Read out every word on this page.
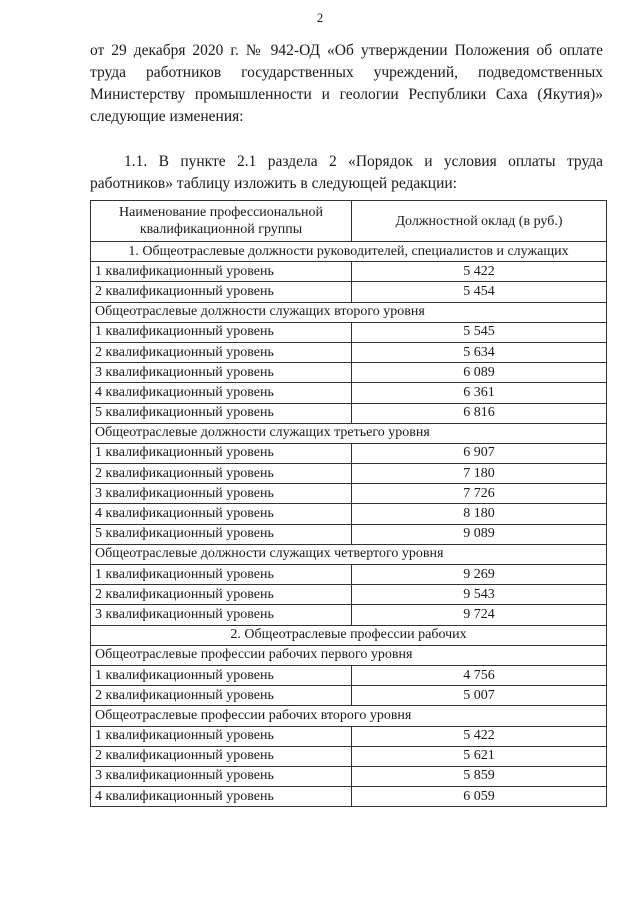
2
от 29 декабря 2020 г. № 942-ОД «Об утверждении Положения об оплате труда работников государственных учреждений, подведомственных Министерству промышленности и геологии Республики Саха (Якутия)» следующие изменения:
1.1. В пункте 2.1 раздела 2 «Порядок и условия оплаты труда работников» таблицу изложить в следующей редакции:
Наименование профессиональной квалификационной группы	Должностной оклад (в руб.)
1. Общеотраслевые должности руководителей, специалистов и служащих	
1 квалификационный уровень	5 422
2 квалификационный уровень	5 454
Общеотраслевые должности служащих второго уровня	
1 квалификационный уровень	5 545
2 квалификационный уровень	5 634
3 квалификационный уровень	6 089
4 квалификационный уровень	6 361
5 квалификационный уровень	6 816
Общеотраслевые должности служащих третьего уровня	
1 квалификационный уровень	6 907
2 квалификационный уровень	7 180
3 квалификационный уровень	7 726
4 квалификационный уровень	8 180
5 квалификационный уровень	9 089
Общеотраслевые должности служащих четвертого уровня	
1 квалификационный уровень	9 269
2 квалификационный уровень	9 543
3 квалификационный уровень	9 724
2. Общеотраслевые профессии рабочих	
Общеотраслевые профессии рабочих первого уровня	
1 квалификационный уровень	4 756
2 квалификационный уровень	5 007
Общеотраслевые профессии рабочих второго уровня	
1 квалификационный уровень	5 422
2 квалификационный уровень	5 621
3 квалификационный уровень	5 859
4 квалификационный уровень	6 059
